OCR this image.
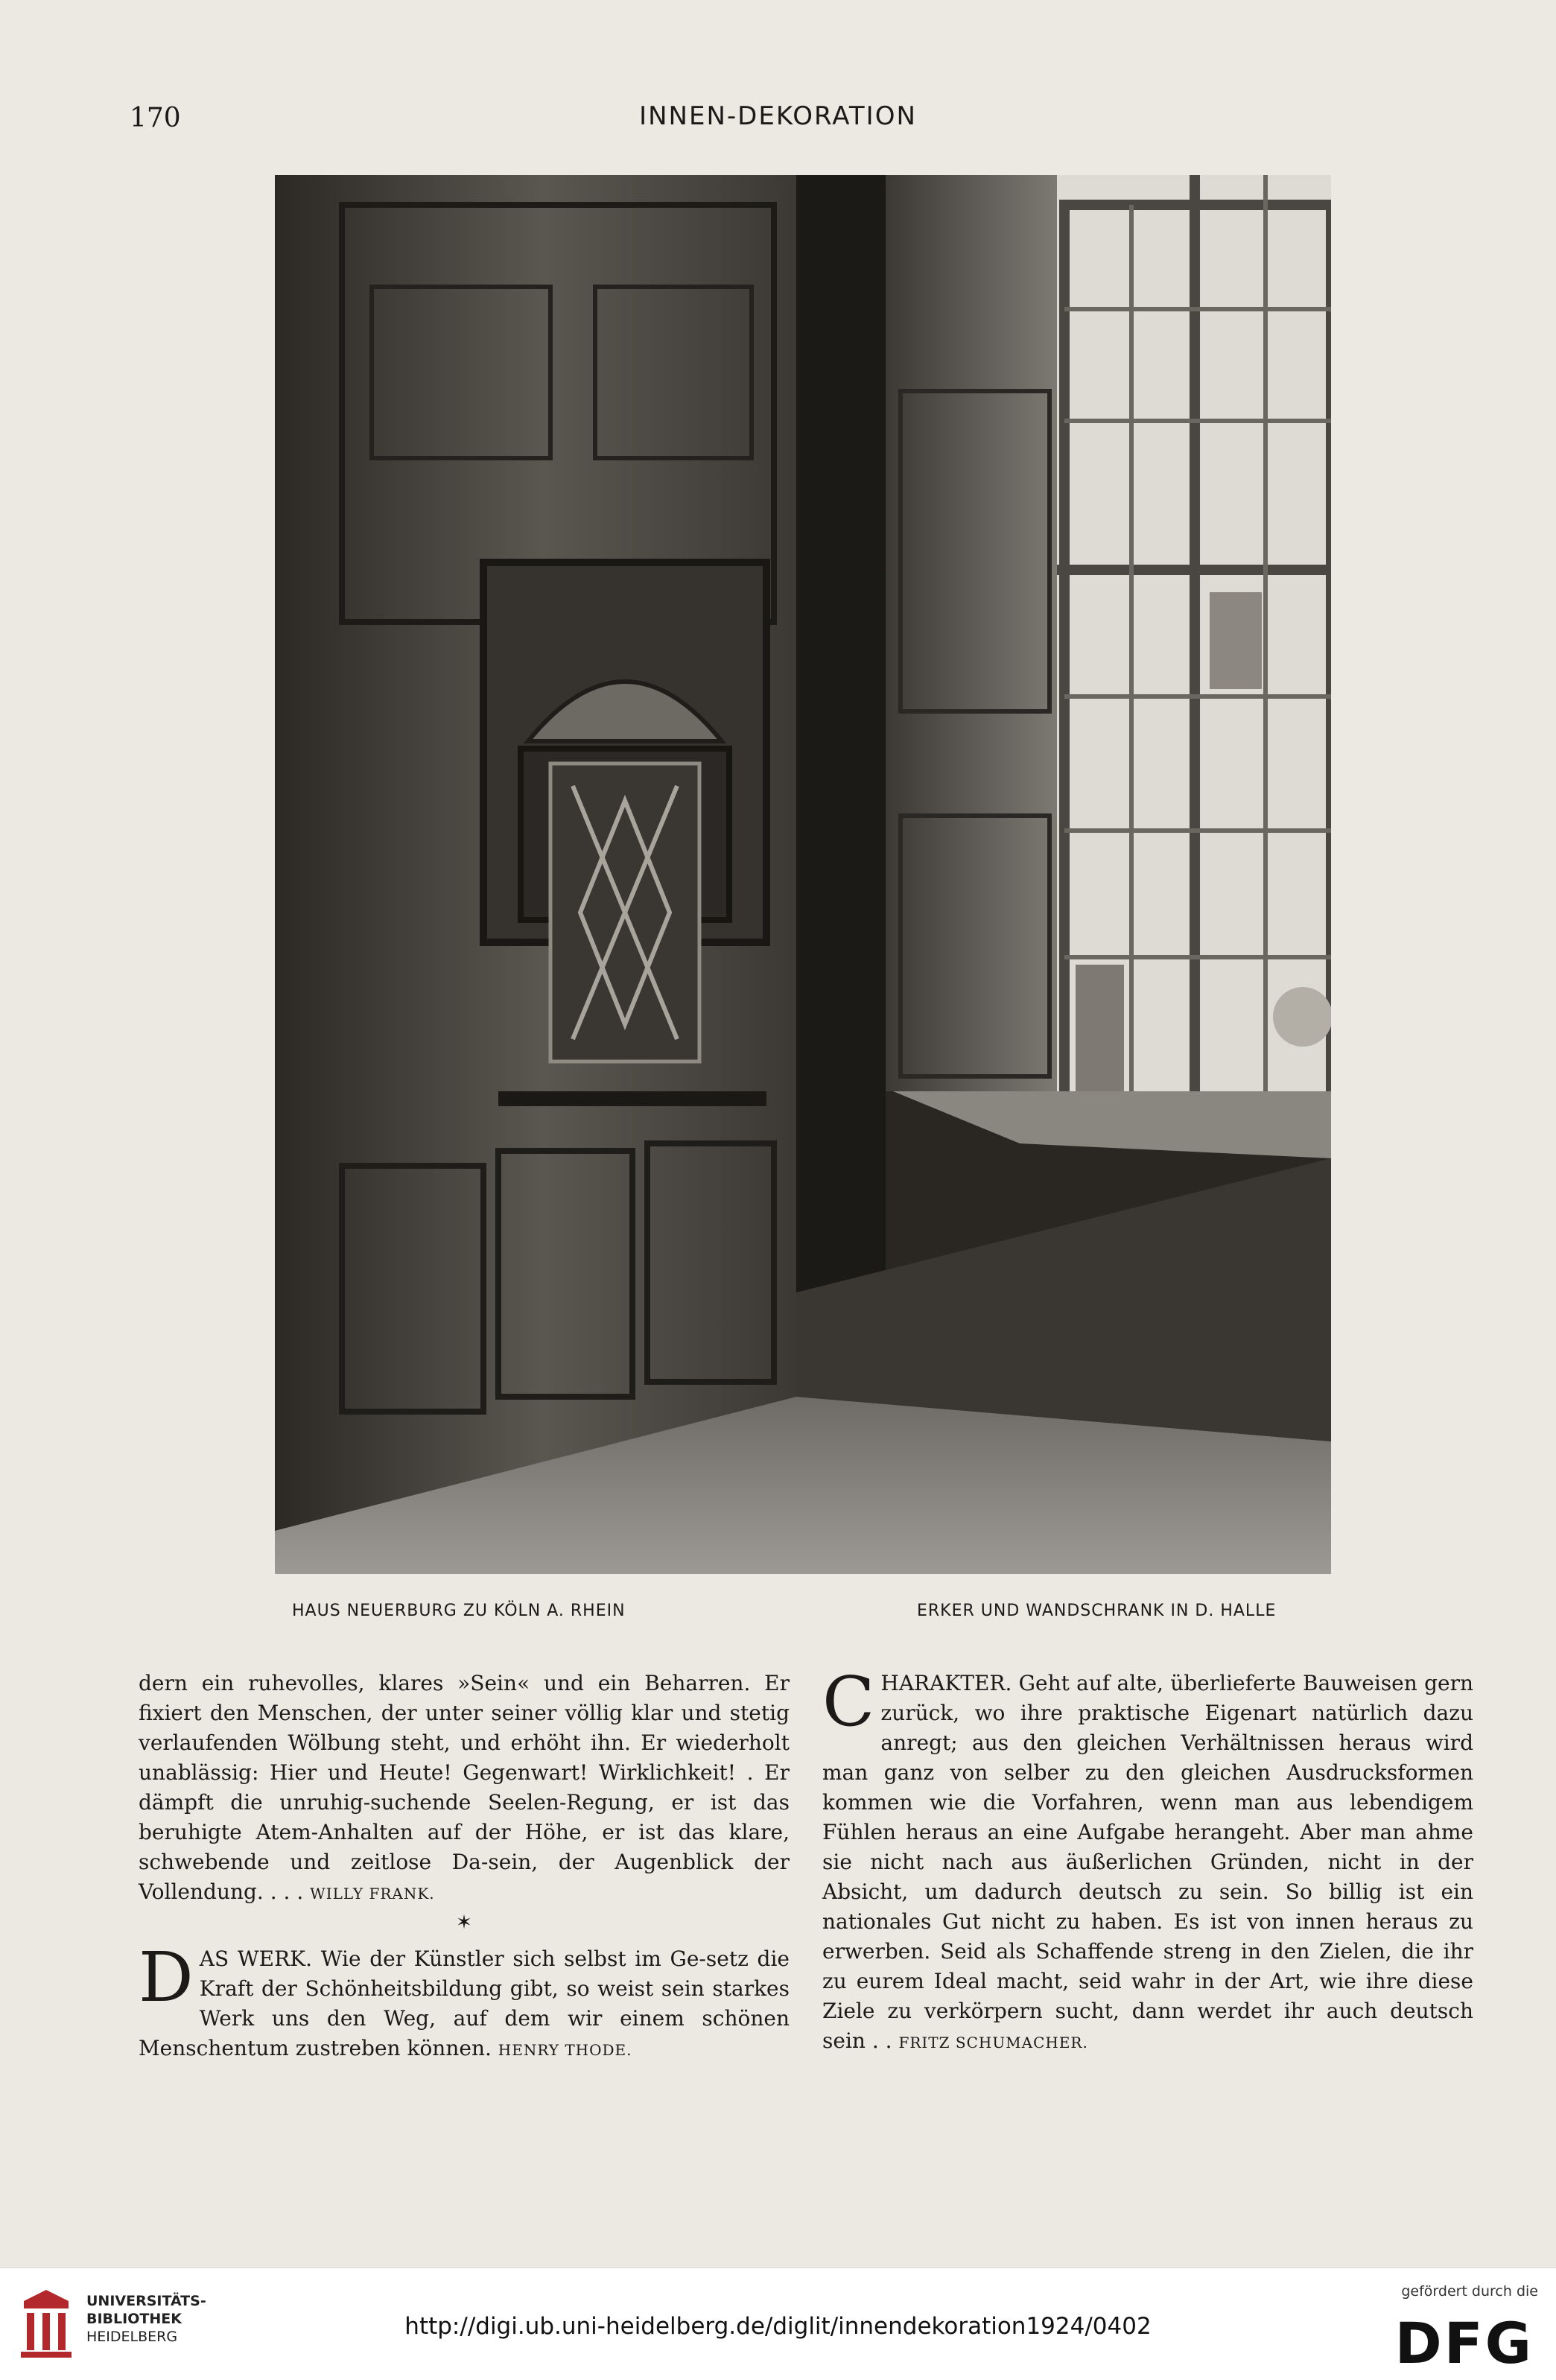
170	INNEN-DEKORATION
HAUS NEUERBURG ZU KÖLN A. RHEIN	ERKER UND WANDSCHRANK IN D. HALLE

dern ein ruhevolles, klares »Sein« und ein Beharren. Er fixiert den Menschen, der unter seiner völlig klar und stetig verlaufenden Wölbung steht, und erhöht ihn. Er wiederholt unablässig: Hier und Heute! Gegenwart! Wirklichkeit! . Er dämpft die unruhig-suchende Seelen-Regung, er ist das beruhigte Atem-Anhalten auf der Höhe, er ist das klare, schwebende und zeitlose Da-sein, der Augenblick der Vollendung. . . . WILLY FRANK.

✶

D AS WERK. Wie der Künstler sich selbst im Ge-setz die Kraft der Schönheitsbildung gibt, so weist sein starkes Werk uns den Weg, auf dem wir einem schönen Menschentum zustreben können. HENRY THODE.

C HARAKTER. Geht auf alte, überlieferte Bauweisen gern zurück, wo ihre praktische Eigenart natürlich dazu anregt; aus den gleichen Verhältnissen heraus wird man ganz von selber zu den gleichen Ausdrucksformen kommen wie die Vorfahren, wenn man aus lebendigem Fühlen heraus an eine Aufgabe herangeht. Aber man ahme sie nicht nach aus äußerlichen Gründen, nicht in der Absicht, um dadurch deutsch zu sein. So billig ist ein nationales Gut nicht zu haben. Es ist von innen heraus zu erwerben. Seid als Schaffende streng in den Zielen, die ihr zu eurem Ideal macht, seid wahr in der Art, wie ihre diese Ziele zu verkörpern sucht, dann werdet ihr auch deutsch sein . . FRITZ SCHUMACHER.

UNIVERSITÄTS-
BIBLIOTHEK
HEIDELBERG	http://digi.ub.uni-heidelberg.de/diglit/innendekoration1924/0402
gefördert durch die
DFG
